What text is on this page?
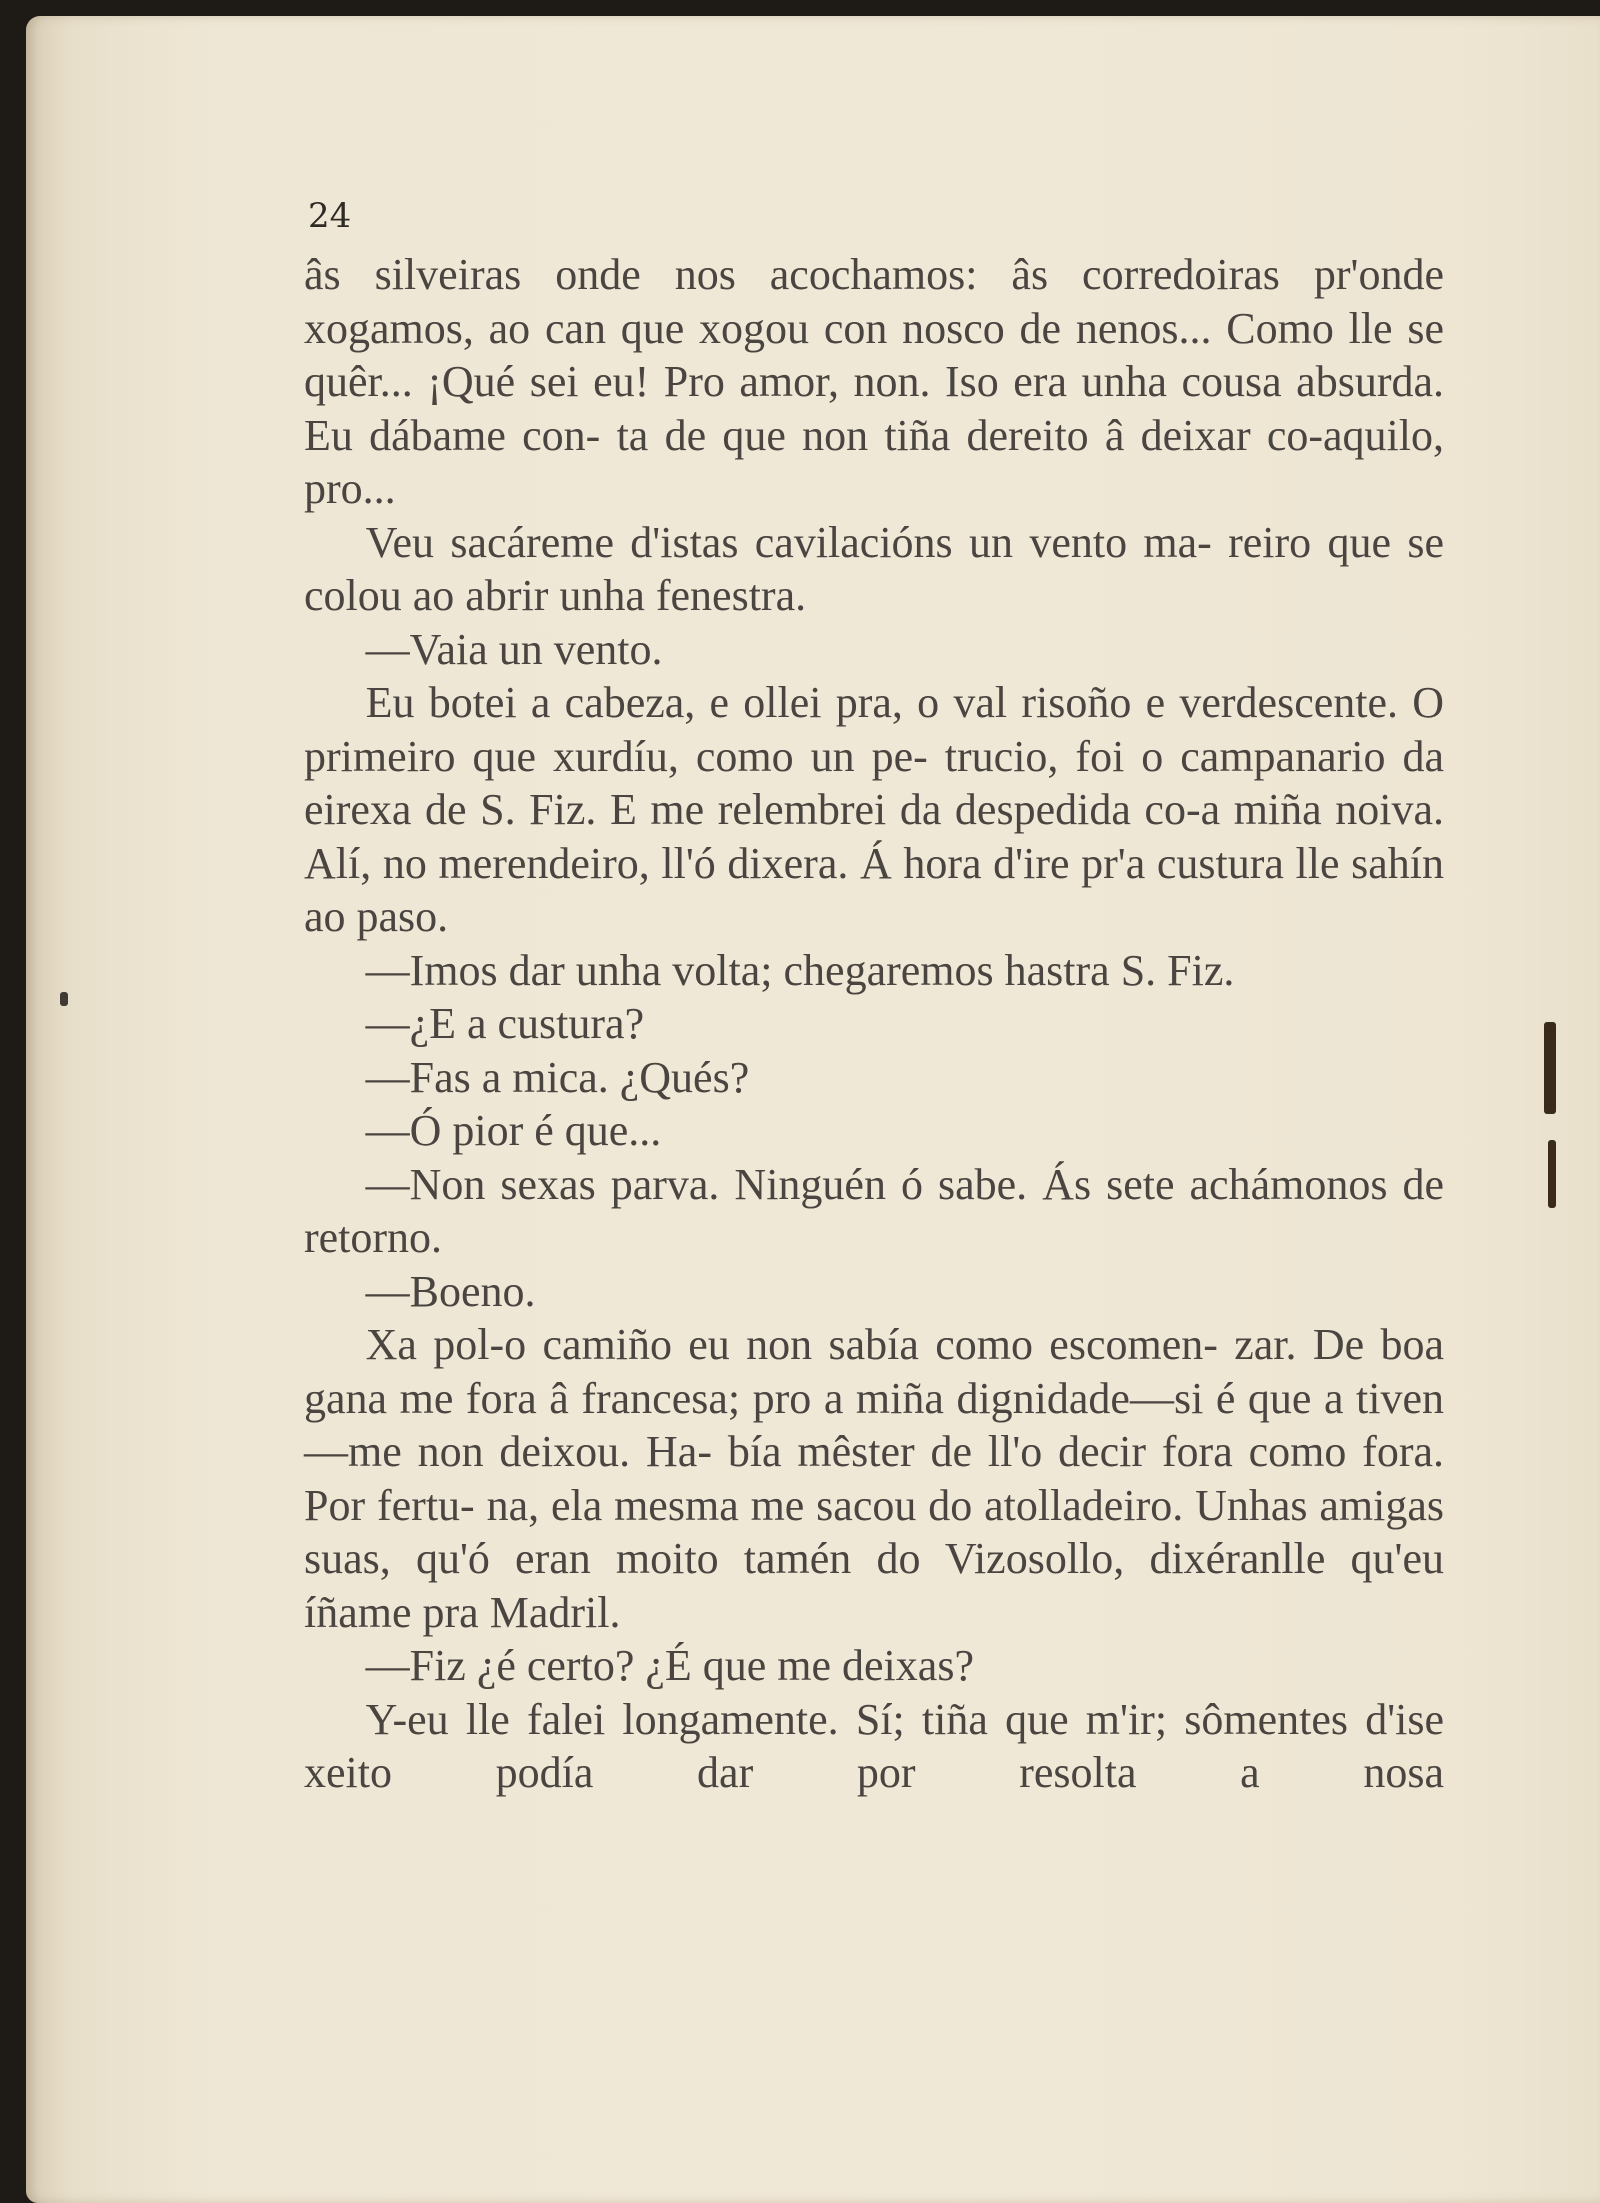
24

âs silveiras onde nos acochamos: âs corredoiras pr'onde xogamos, ao can que xogou con nosco de nenos... Como lle se quêr... ¡Qué sei eu! Pro amor, non. Iso era unha cousa absurda. Eu dábame con- ta de que non tiña dereito â deixar co-aquilo, pro...

Veu sacáreme d'istas cavilacións un vento ma- reiro que se colou ao abrir unha fenestra.

—Vaia un vento.

Eu botei a cabeza, e ollei pra, o val risoño e verdescente. O primeiro que xurdíu, como un pe- trucio, foi o campanario da eirexa de S. Fiz. E me relembrei da despedida co-a miña noiva. Alí, no merendeiro, ll'ó dixera. Á hora d'ire pr'a custura lle sahín ao paso.

—Imos dar unha volta; chegaremos hastra S. Fiz.

—¿E a custura?

—Fas a mica. ¿Qués?

—Ó pior é que...

—Non sexas parva. Ninguén ó sabe. Ás sete achámonos de retorno.

—Boeno.

Xa pol-o camiño eu non sabía como escomen- zar. De boa gana me fora â francesa; pro a miña dignidade—si é que a tiven—me non deixou. Ha- bía mêster de ll'o decir fora como fora. Por fertu- na, ela mesma me sacou do atolladeiro. Unhas amigas suas, qu'ó eran moito tamén do Vizosollo, dixéranlle qu'eu íñame pra Madril.

—Fiz ¿é certo? ¿É que me deixas?

Y-eu lle falei longamente. Sí; tiña que m'ir; sômentes d'ise xeito podía dar por resolta a nosa
